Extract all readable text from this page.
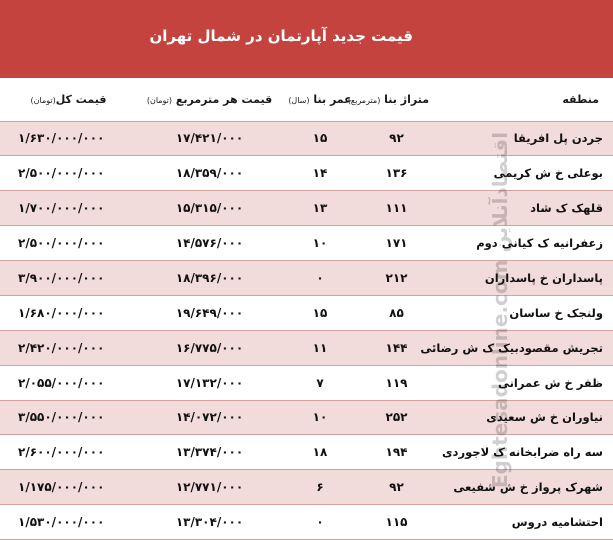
قیمت جدید آپارتمان در شمال تهران
منطقه	متراژ بنا (مترمربع)	عمر بنا (سال)	قیمت هر مترمربع (تومان)	قیمت کل(تومان)
جردن پل افریقا	۹۲	۱۵	۱۷/۴۲۱/۰۰۰	۱/۶۳۰/۰۰۰/۰۰۰
بوعلی خ ش کریمی	۱۳۶	۱۴	۱۸/۳۵۹/۰۰۰	۲/۵۰۰/۰۰۰/۰۰۰
قلهک ک شاد	۱۱۱	۱۳	۱۵/۳۱۵/۰۰۰	۱/۷۰۰/۰۰۰/۰۰۰
زعفرانیه ک کیانی دوم	۱۷۱	۱۰	۱۴/۵۷۶/۰۰۰	۲/۵۰۰/۰۰۰/۰۰۰
پاسداران خ پاسداران	۲۱۲	۰	۱۸/۳۹۶/۰۰۰	۳/۹۰۰/۰۰۰/۰۰۰
ولنجک خ ساسان	۸۵	۱۵	۱۹/۶۴۹/۰۰۰	۱/۶۸۰/۰۰۰/۰۰۰
تجریش مقصودبیک ک ش رضائی	۱۴۴	۱۱	۱۶/۷۷۵/۰۰۰	۲/۴۲۰/۰۰۰/۰۰۰
ظفر خ ش عمرانی	۱۱۹	۷	۱۷/۱۳۲/۰۰۰	۲/۰۵۵/۰۰۰/۰۰۰
نیاوران خ ش سعیدی	۲۵۲	۱۰	۱۴/۰۷۲/۰۰۰	۳/۵۵۰/۰۰۰/۰۰۰
سه راه ضرابخانه ک لاجوردی	۱۹۴	۱۸	۱۳/۳۷۴/۰۰۰	۲/۶۰۰/۰۰۰/۰۰۰
شهرک پرواز خ ش شفیعی	۹۲	۶	۱۲/۷۷۱/۰۰۰	۱/۱۷۵/۰۰۰/۰۰۰
احتشامیه دروس	۱۱۵	۰	۱۳/۳۰۴/۰۰۰	۱/۵۳۰/۰۰۰/۰۰۰
Eghtesadonline.com اقتصادآنلاین
